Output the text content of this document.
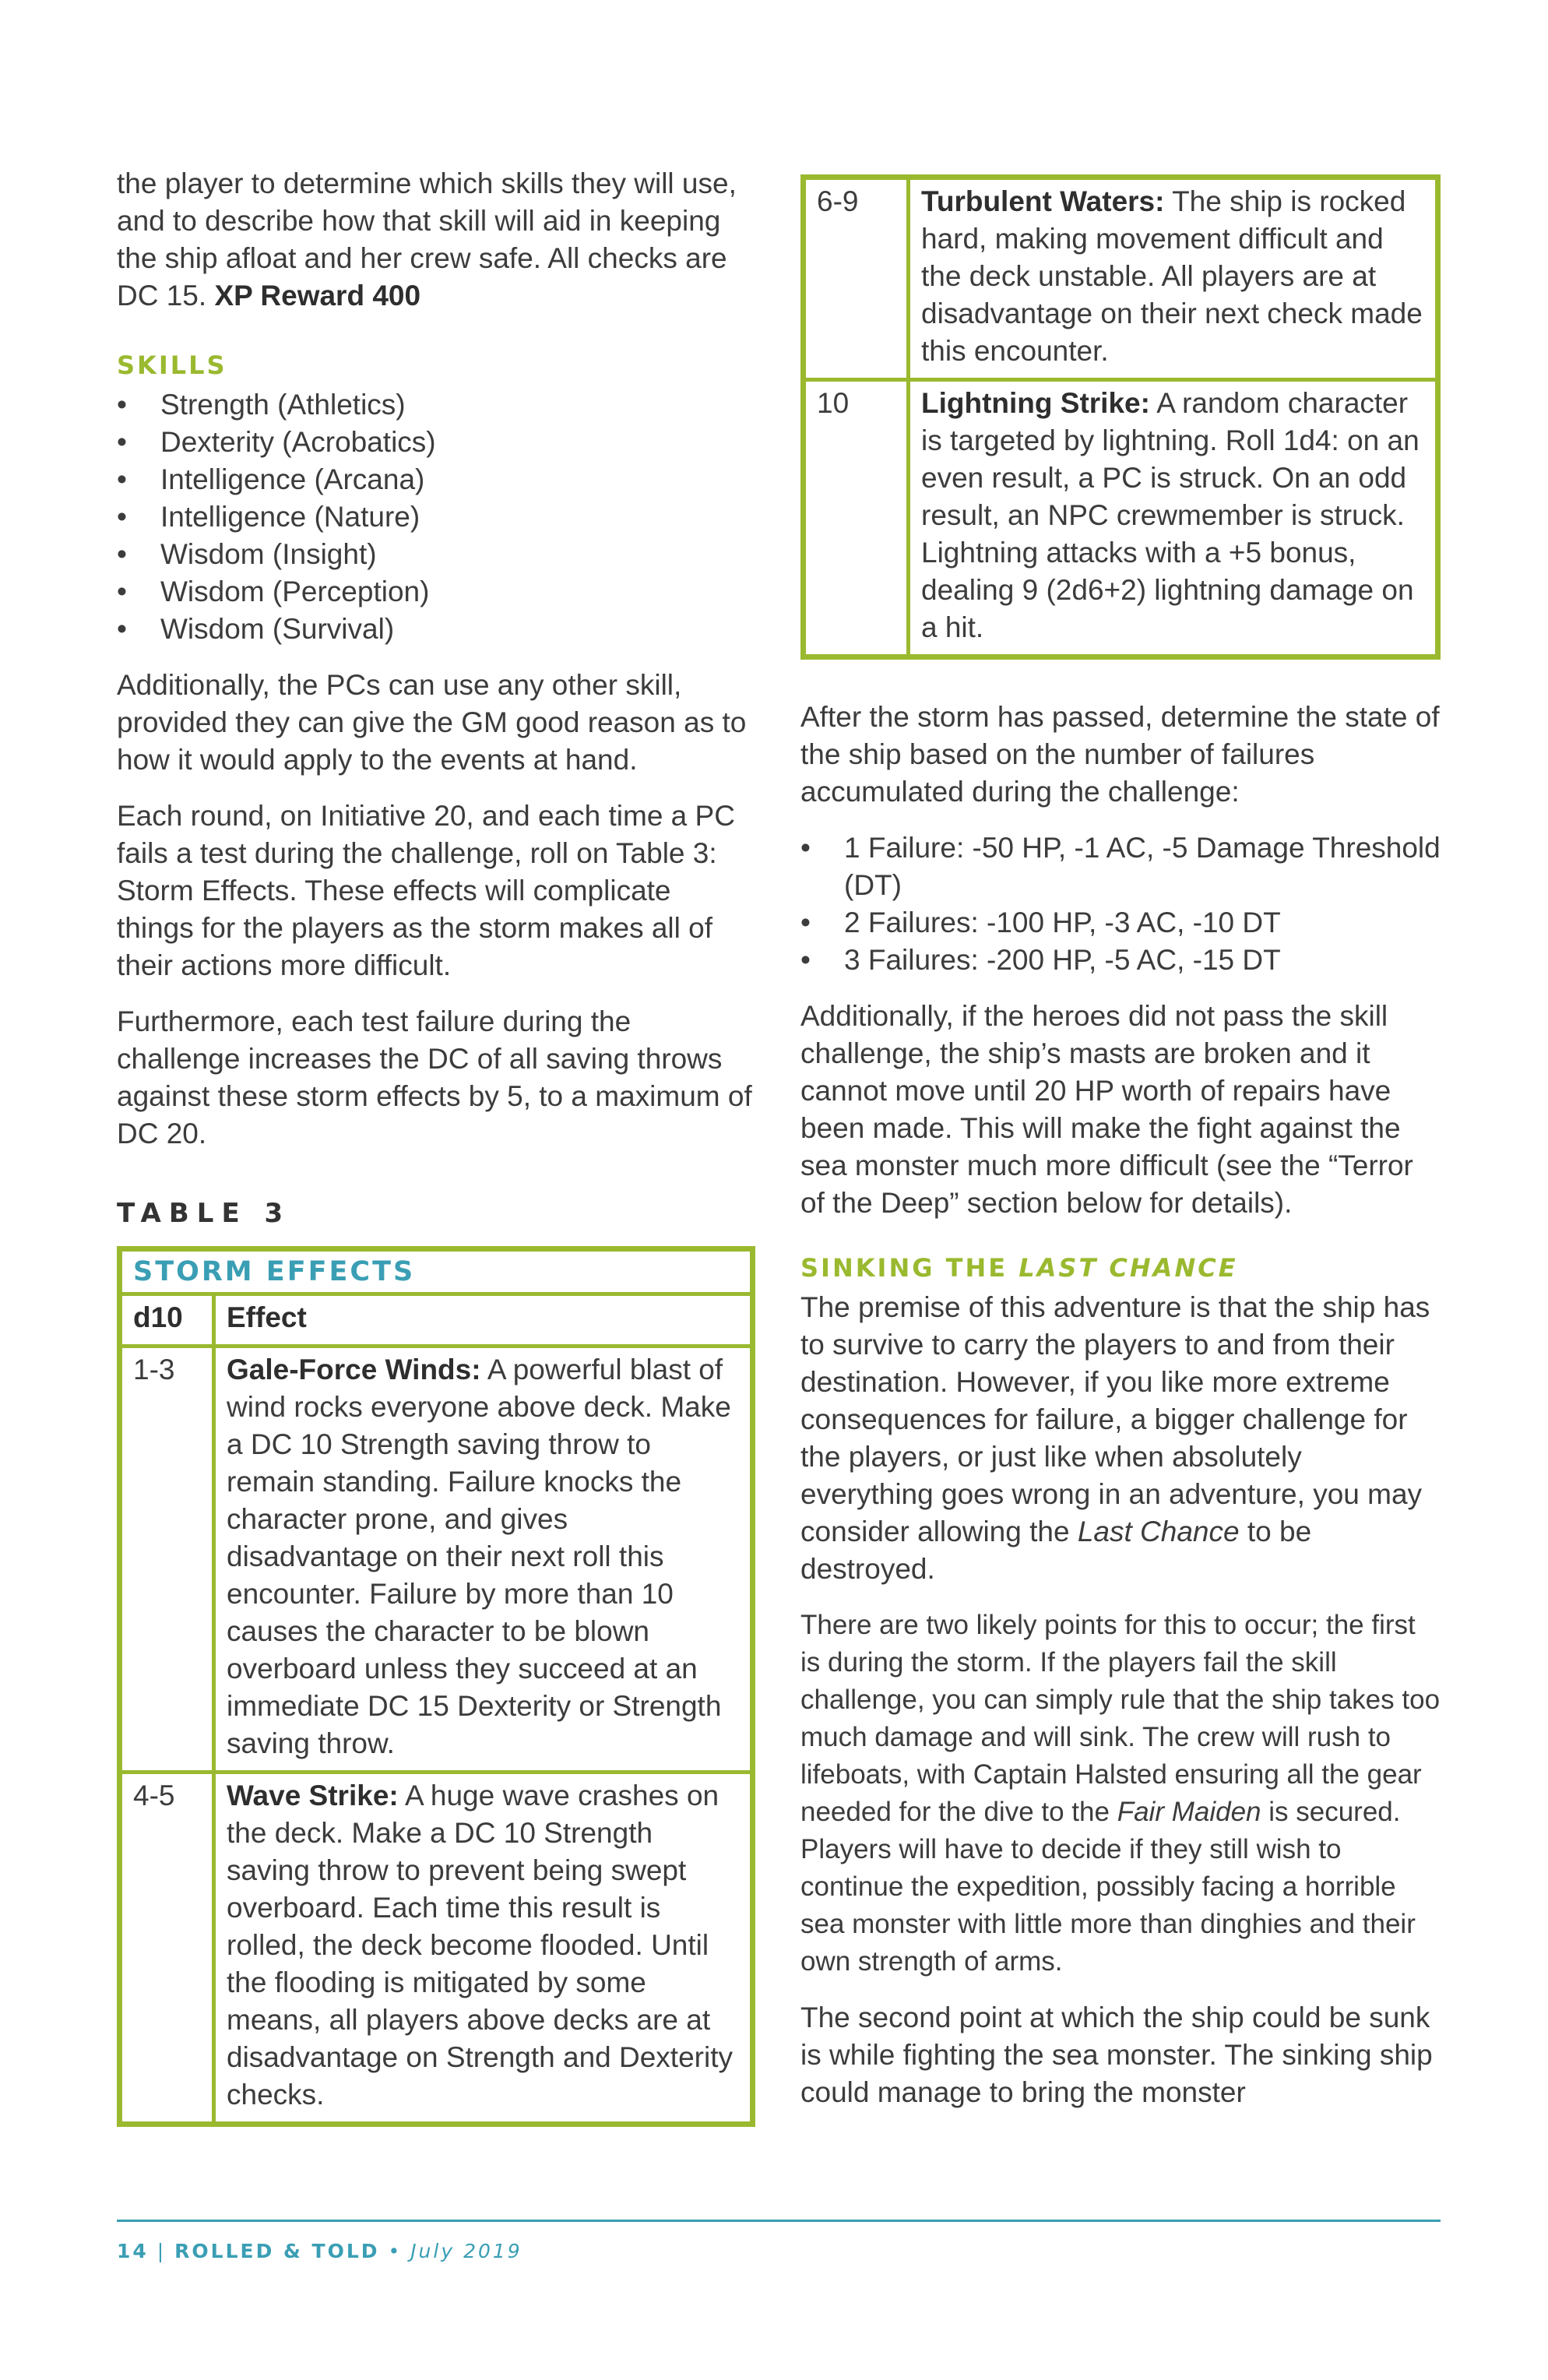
the player to determine which skills they will use, and to describe how that skill will aid in keeping the ship afloat and her crew safe. All checks are DC 15. XP Reward 400

SKILLS
• Strength (Athletics)
• Dexterity (Acrobatics)
• Intelligence (Arcana)
• Intelligence (Nature)
• Wisdom (Insight)
• Wisdom (Perception)
• Wisdom (Survival)

Additionally, the PCs can use any other skill, provided they can give the GM good reason as to how it would apply to the events at hand.

Each round, on Initiative 20, and each time a PC fails a test during the challenge, roll on Table 3: Storm Effects. These effects will complicate things for the players as the storm makes all of their actions more difficult.

Furthermore, each test failure during the challenge increases the DC of all saving throws against these storm effects by 5, to a maximum of DC 20.

TABLE 3
STORM EFFECTS
d10	Effect
1-3	Gale-Force Winds: A powerful blast of wind rocks everyone above deck. Make a DC 10 Strength saving throw to remain standing. Failure knocks the character prone, and gives disadvantage on their next roll this encounter. Failure by more than 10 causes the character to be blown overboard unless they succeed at an immediate DC 15 Dexterity or Strength saving throw.
4-5	Wave Strike: A huge wave crashes on the deck. Make a DC 10 Strength saving throw to prevent being swept overboard. Each time this result is rolled, the deck become flooded. Until the flooding is mitigated by some means, all players above decks are at disadvantage on Strength and Dexterity checks.
6-9	Turbulent Waters: The ship is rocked hard, making movement difficult and the deck unstable. All players are at disadvantage on their next check made this encounter.
10	Lightning Strike: A random character is targeted by lightning. Roll 1d4: on an even result, a PC is struck. On an odd result, an NPC crewmember is struck. Lightning attacks with a +5 bonus, dealing 9 (2d6+2) lightning damage on a hit.

After the storm has passed, determine the state of the ship based on the number of failures accumulated during the challenge:

• 1 Failure: -50 HP, -1 AC, -5 Damage Threshold (DT)
• 2 Failures: -100 HP, -3 AC, -10 DT
• 3 Failures: -200 HP, -5 AC, -15 DT

Additionally, if the heroes did not pass the skill challenge, the ship’s masts are broken and it cannot move until 20 HP worth of repairs have been made. This will make the fight against the sea monster much more difficult (see the “Terror of the Deep” section below for details).

SINKING THE LAST CHANCE

The premise of this adventure is that the ship has to survive to carry the players to and from their destination. However, if you like more extreme consequences for failure, a bigger challenge for the players, or just like when absolutely everything goes wrong in an adventure, you may consider allowing the Last Chance to be destroyed.

There are two likely points for this to occur; the first is during the storm. If the players fail the skill challenge, you can simply rule that the ship takes too much damage and will sink. The crew will rush to lifeboats, with Captain Halsted ensuring all the gear needed for the dive to the Fair Maiden is secured. Players will have to decide if they still wish to continue the expedition, possibly facing a horrible sea monster with little more than dinghies and their own strength of arms.

The second point at which the ship could be sunk is while fighting the sea monster. The sinking ship could manage to bring the monster

14 | ROLLED & TOLD • July 2019
